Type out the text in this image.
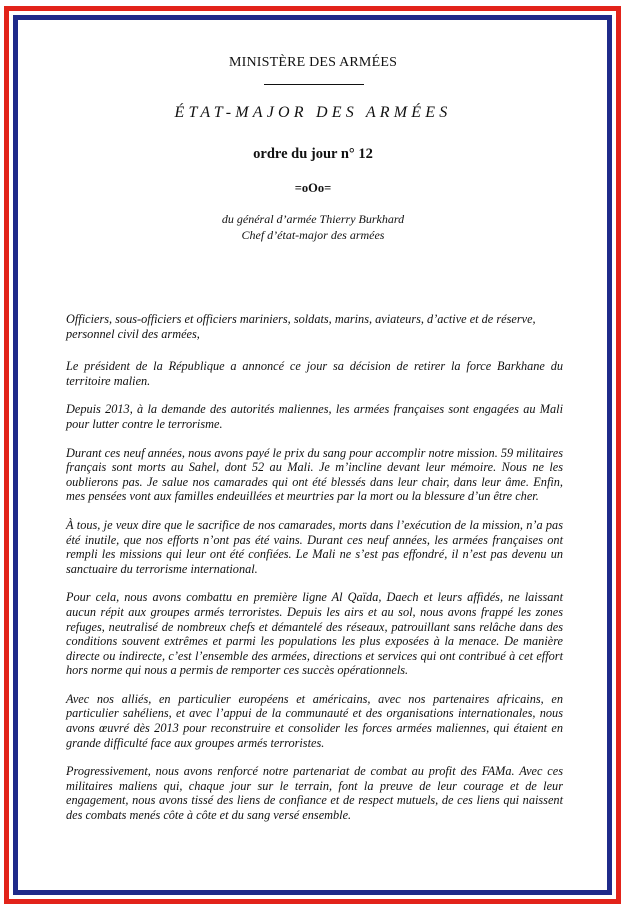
MINISTÈRE DES ARMÉES
ÉTAT-MAJOR DES ARMÉES
ordre du jour n° 12
=oOo=
du général d’armée Thierry Burkhard
Chef d’état-major des armées

Officiers, sous-officiers et officiers mariniers, soldats, marins, aviateurs, d’active et de réserve, personnel civil des armées,

Le président de la République a annoncé ce jour sa décision de retirer la force Barkhane du territoire malien.

Depuis 2013, à la demande des autorités maliennes, les armées françaises sont engagées au Mali pour lutter contre le terrorisme.

Durant ces neuf années, nous avons payé le prix du sang pour accomplir notre mission. 59 militaires français sont morts au Sahel, dont 52 au Mali. Je m’incline devant leur mémoire. Nous ne les oublierons pas. Je salue nos camarades qui ont été blessés dans leur chair, dans leur âme. Enfin, mes pensées vont aux familles endeuillées et meurtries par la mort ou la blessure d’un être cher.

À tous, je veux dire que le sacrifice de nos camarades, morts dans l’exécution de la mission, n’a pas été inutile, que nos efforts n’ont pas été vains. Durant ces neuf années, les armées françaises ont rempli les missions qui leur ont été confiées. Le Mali ne s’est pas effondré, il n’est pas devenu un sanctuaire du terrorisme international.

Pour cela, nous avons combattu en première ligne Al Qaïda, Daech et leurs affidés, ne laissant aucun répit aux groupes armés terroristes. Depuis les airs et au sol, nous avons frappé les zones refuges, neutralisé de nombreux chefs et démantelé des réseaux, patrouillant sans relâche dans des conditions souvent extrêmes et parmi les populations les plus exposées à la menace. De manière directe ou indirecte, c’est l’ensemble des armées, directions et services qui ont contribué à cet effort hors norme qui nous a permis de remporter ces succès opérationnels.

Avec nos alliés, en particulier européens et américains, avec nos partenaires africains, en particulier sahéliens, et avec l’appui de la communauté et des organisations internationales, nous avons œuvré dès 2013 pour reconstruire et consolider les forces armées maliennes, qui étaient en grande difficulté face aux groupes armés terroristes.

Progressivement, nous avons renforcé notre partenariat de combat au profit des FAMa. Avec ces militaires maliens qui, chaque jour sur le terrain, font la preuve de leur courage et de leur engagement, nous avons tissé des liens de confiance et de respect mutuels, de ces liens qui naissent des combats menés côte à côte et du sang versé ensemble.
